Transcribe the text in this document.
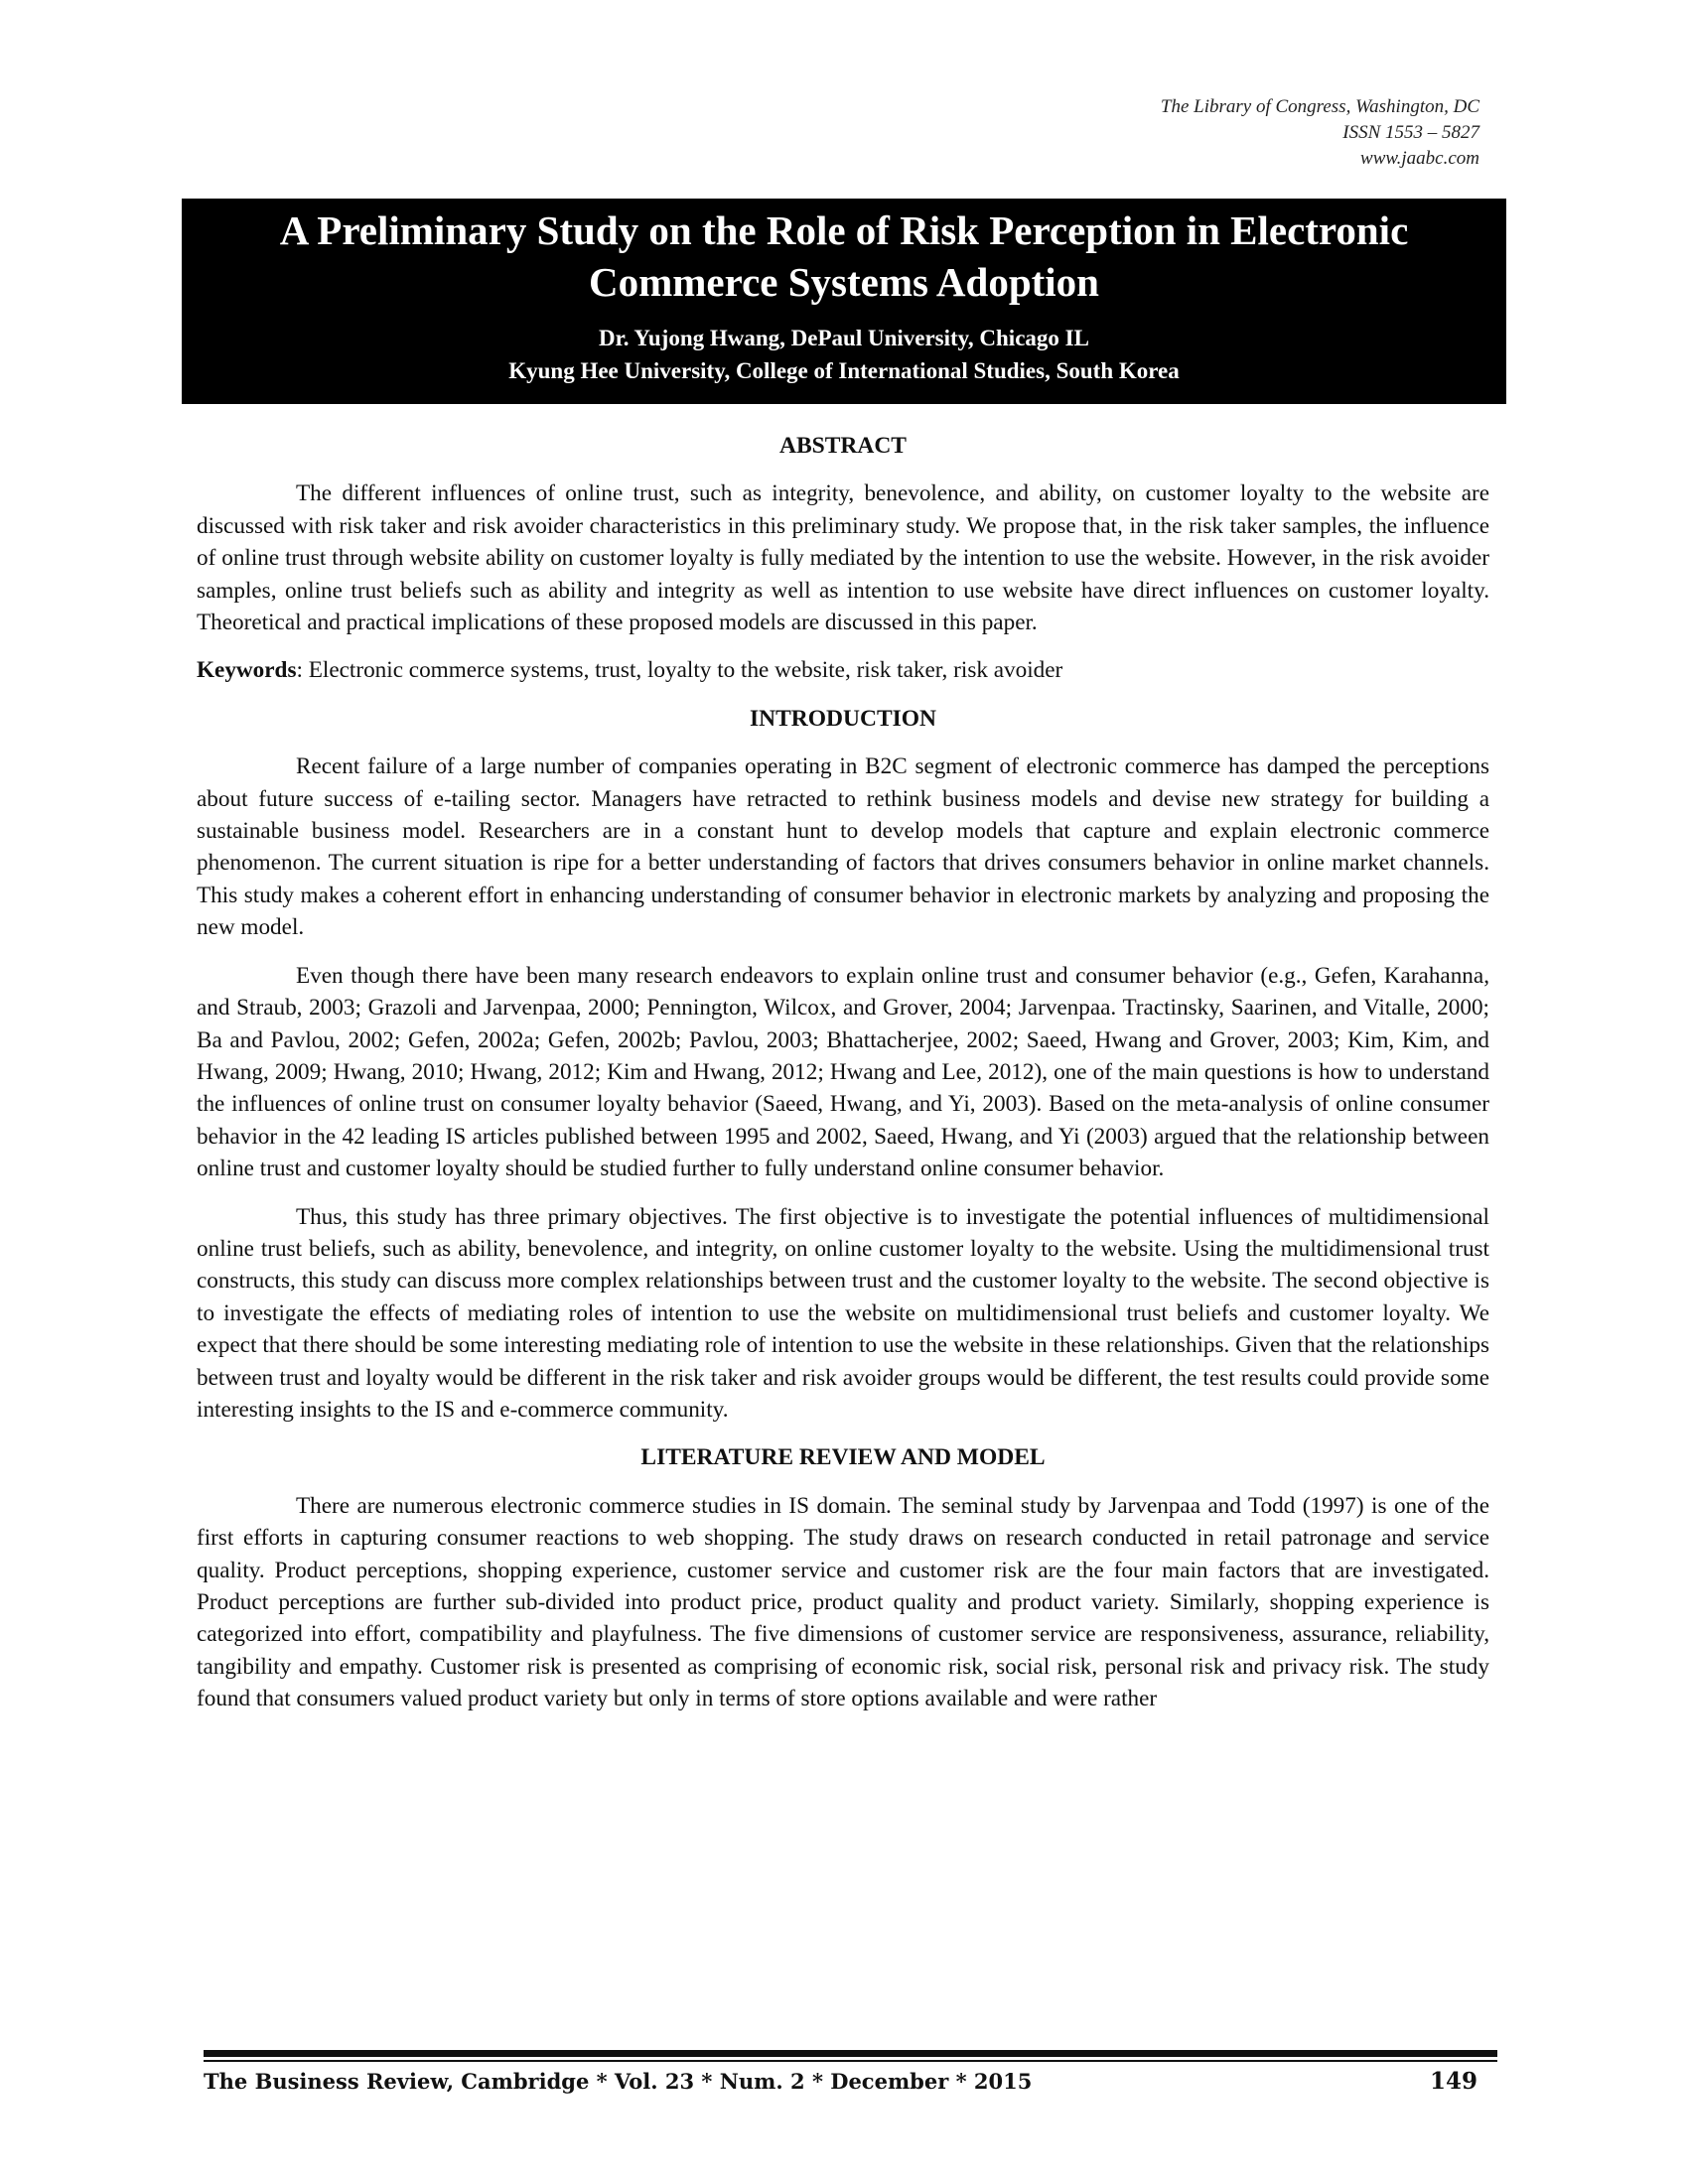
The Library of Congress, Washington, DC
ISSN 1553 – 5827
www.jaabc.com
A Preliminary Study on the Role of Risk Perception in Electronic
Commerce Systems Adoption
Dr. Yujong Hwang, DePaul University, Chicago IL
Kyung Hee University, College of International Studies, South Korea
ABSTRACT

The different influences of online trust, such as integrity, benevolence, and ability, on customer loyalty to the website are discussed with risk taker and risk avoider characteristics in this preliminary study. We propose that, in the risk taker samples, the influence of online trust through website ability on customer loyalty is fully mediated by the intention to use the website. However, in the risk avoider samples, online trust beliefs such as ability and integrity as well as intention to use website have direct influences on customer loyalty. Theoretical and practical implications of these proposed models are discussed in this paper.

Keywords: Electronic commerce systems, trust, loyalty to the website, risk taker, risk avoider

INTRODUCTION

Recent failure of a large number of companies operating in B2C segment of electronic commerce has damped the perceptions about future success of e-tailing sector. Managers have retracted to rethink business models and devise new strategy for building a sustainable business model. Researchers are in a constant hunt to develop models that capture and explain electronic commerce phenomenon. The current situation is ripe for a better understanding of factors that drives consumers behavior in online market channels. This study makes a coherent effort in enhancing understanding of consumer behavior in electronic markets by analyzing and proposing the new model.

Even though there have been many research endeavors to explain online trust and consumer behavior (e.g., Gefen, Karahanna, and Straub, 2003; Grazoli and Jarvenpaa, 2000; Pennington, Wilcox, and Grover, 2004; Jarvenpaa. Tractinsky, Saarinen, and Vitalle, 2000; Ba and Pavlou, 2002; Gefen, 2002a; Gefen, 2002b; Pavlou, 2003; Bhattacherjee, 2002; Saeed, Hwang and Grover, 2003; Kim, Kim, and Hwang, 2009; Hwang, 2010; Hwang, 2012; Kim and Hwang, 2012; Hwang and Lee, 2012), one of the main questions is how to understand the influences of online trust on consumer loyalty behavior (Saeed, Hwang, and Yi, 2003). Based on the meta-analysis of online consumer behavior in the 42 leading IS articles published between 1995 and 2002, Saeed, Hwang, and Yi (2003) argued that the relationship between online trust and customer loyalty should be studied further to fully understand online consumer behavior.

Thus, this study has three primary objectives. The first objective is to investigate the potential influences of multidimensional online trust beliefs, such as ability, benevolence, and integrity, on online customer loyalty to the website. Using the multidimensional trust constructs, this study can discuss more complex relationships between trust and the customer loyalty to the website. The second objective is to investigate the effects of mediating roles of intention to use the website on multidimensional trust beliefs and customer loyalty. We expect that there should be some interesting mediating role of intention to use the website in these relationships. Given that the relationships between trust and loyalty would be different in the risk taker and risk avoider groups would be different, the test results could provide some interesting insights to the IS and e-commerce community.

LITERATURE REVIEW AND MODEL

There are numerous electronic commerce studies in IS domain. The seminal study by Jarvenpaa and Todd (1997) is one of the first efforts in capturing consumer reactions to web shopping. The study draws on research conducted in retail patronage and service quality. Product perceptions, shopping experience, customer service and customer risk are the four main factors that are investigated. Product perceptions are further sub-divided into product price, product quality and product variety. Similarly, shopping experience is categorized into effort, compatibility and playfulness. The five dimensions of customer service are responsiveness, assurance, reliability, tangibility and empathy. Customer risk is presented as comprising of economic risk, social risk, personal risk and privacy risk. The study found that consumers valued product variety but only in terms of store options available and were rather

The Business Review, Cambridge * Vol. 23 * Num. 2 * December * 2015	149
